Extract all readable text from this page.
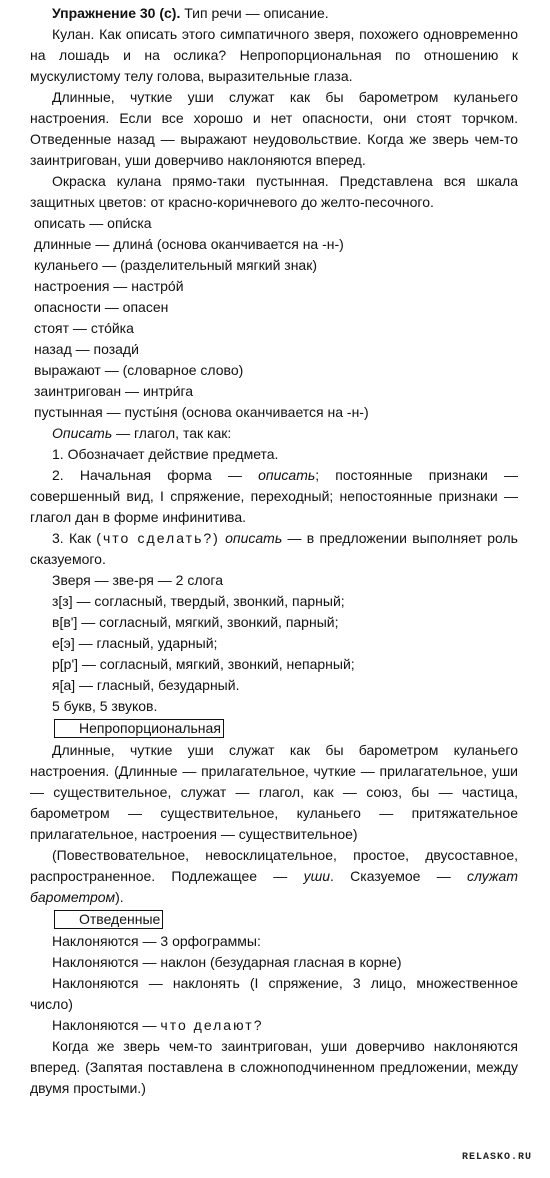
Упражнение 30 (с). Тип речи — описание.

Кулан. Как описать этого симпатичного зверя, похожего одновременно на лошадь и на ослика? Непропорциональная по отношению к мускулистому телу голова, выразительные глаза.

Длинные, чуткие уши служат как бы барометром куланьего настроения. Если все хорошо и нет опасности, они стоят торчком. Отведенные назад — выражают неудовольствие. Когда же зверь чем-то заинтригован, уши доверчиво наклоняются вперед.

Окраска кулана прямо-таки пустынная. Представлена вся шкала защитных цветов: от красно-коричневого до желто-песочного.

описать — опи́ска

длинные — длина́ (основа оканчивается на -н-)

куланьего — (разделительный мягкий знак)

настроения — настро́й

опасности — опасен

стоят — сто́йка

назад — позади́

выражают — (словарное слово)

заинтригован — интри́га

пустынная — пусты́ня (основа оканчивается на -н-)

Описать — глагол, так как:

1. Обозначает действие предмета.

2. Начальная форма — описать; постоянные признаки — совершенный вид, I спряжение, переходный; непостоянные признаки — глагол дан в форме инфинитива.

3. Как (что сделать?) описать — в предложении выполняет роль сказуемого.

Зверя — зве-ря — 2 слога

з[з] — согласный, твердый, звонкий, парный;

в[в'] — согласный, мягкий, звонкий, парный;

е[э] — гласный, ударный;

р[р'] — согласный, мягкий, звонкий, непарный;

я[а] — гласный, безударный.

5 букв, 5 звуков.

Непропорциональная

Длинные, чуткие уши служат как бы барометром куланьего настроения. (Длинные — прилагательное, чуткие — прилагательное, уши — существительное, служат — глагол, как — союз, бы — частица, барометром — существительное, куланьего — притяжательное прилагательное, настроения — существительное)

(Повествовательное, невосклицательное, простое, двусоставное, распространенное. Подлежащее — уши. Сказуемое — служат барометром).

Отведенные

Наклоняются — 3 орфограммы:

Наклоняются — наклон (безударная гласная в корне)

Наклоняются — наклонять (I спряжение, 3 лицо, множественное число)

Наклоняются — что делают?

Когда же зверь чем-то заинтригован, уши доверчиво наклоняются вперед. (Запятая поставлена в сложноподчиненном предложении, между двумя простыми.)

RELASKO.RU
